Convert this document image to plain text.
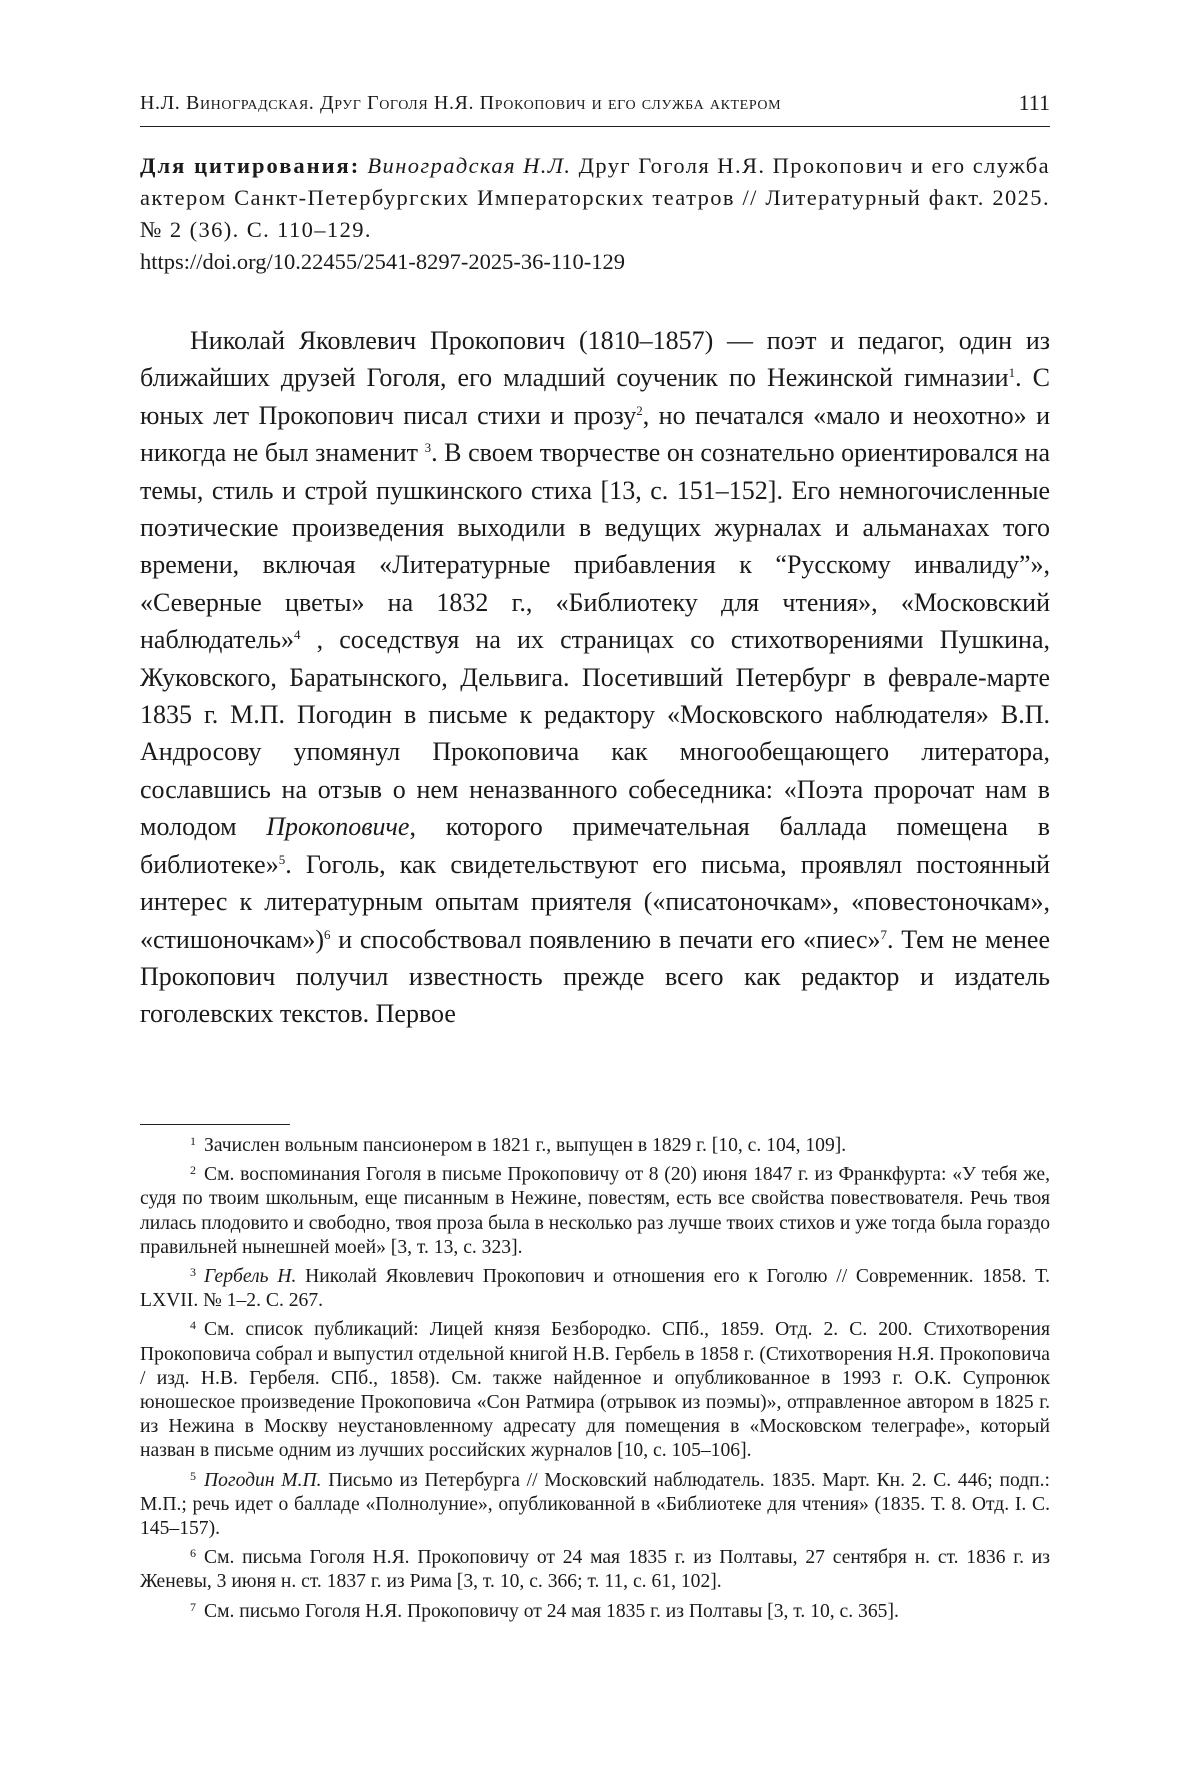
Н.Л. Виноградская. Друг Гоголя Н.Я. Прокопович и его служба актером	111
Для цитирования: Виноградская Н.Л. Друг Гоголя Н.Я. Прокопович и его служба актером Санкт-Петербургских Императорских театров // Литературный факт. 2025. № 2 (36). С. 110–129.
https://doi.org/10.22455/2541-8297-2025-36-110-129

Николай Яковлевич Прокопович (1810–1857) — поэт и педагог, один из ближайших друзей Гоголя, его младший соученик по Нежинской гимназии$^1$. С юных лет Прокопович писал стихи и прозу$^2$, но печатался «мало и неохотно» и никогда не был знаменит $^3$. В своем творчестве он сознательно ориентировался на темы, стиль и строй пушкинского стиха [13, с. 151–152]. Его немногочисленные поэтические произведения выходили в ведущих журналах и альманахах того времени, включая «Литературные прибавления к “Русскому инвалиду”», «Северные цветы» на 1832 г., «Библиотеку для чтения», «Московский наблюдатель»$^4$ , соседствуя на их страницах со стихотворениями Пушкина, Жуковского, Баратынского, Дельвига. Посетивший Петербург в феврале-марте 1835 г. М.П. Погодин в письме к редактору «Московского наблюдателя» В.П. Андросову упомянул Прокоповича как многообещающего литератора, сославшись на отзыв о нем неназванного собеседника: «Поэта пророчат нам в молодом Прокоповиче, которого примечательная баллада помещена в библиотеке»$^5$. Гоголь, как свидетельствуют его письма, проявлял постоянный интерес к литературным опытам приятеля («писатоночкам», «повестоночкам», «стишоночкам»)$^6$ и способствовал появлению в печати его «пиес»$^7$. Тем не менее Прокопович получил известность прежде всего как редактор и издатель гоголевских текстов. Первое

$^1$ Зачислен вольным пансионером в 1821 г., выпущен в 1829 г. [10, с. 104, 109].

$^2$ См. воспоминания Гоголя в письме Прокоповичу от 8 (20) июня 1847 г. из Франкфурта: «У тебя же, судя по твоим школьным, еще писанным в Нежине, повестям, есть все свойства повествователя. Речь твоя лилась плодовито и свободно, твоя проза была в несколько раз лучше твоих стихов и уже тогда была гораздо правильней нынешней моей» [3, т. 13, с. 323].

$^3$ Гербель Н. Николай Яковлевич Прокопович и отношения его к Гоголю // Современник. 1858. Т. LXVII. № 1–2. С. 267.

$^4$ См. список публикаций: Лицей князя Безбородко. СПб., 1859. Отд. 2. С. 200. Стихотворения Прокоповича собрал и выпустил отдельной книгой Н.В. Гербель в 1858 г. (Стихотворения Н.Я. Прокоповича / изд. Н.В. Гербеля. СПб., 1858). См. также найденное и опубликованное в 1993 г. О.К. Супронюк юношеское произведение Прокоповича «Сон Ратмира (отрывок из поэмы)», отправленное автором в 1825 г. из Нежина в Москву неустановленному адресату для помещения в «Московском телеграфе», который назван в письме одним из лучших российских журналов [10, с. 105–106].

$^5$ Погодин М.П. Письмо из Петербурга // Московский наблюдатель. 1835. Март. Кн. 2. С. 446; подп.: М.П.; речь идет о балладе «Полнолуние», опубликованной в «Библиотеке для чтения» (1835. Т. 8. Отд. I. С. 145–157).

$^6$ См. письма Гоголя Н.Я. Прокоповичу от 24 мая 1835 г. из Полтавы, 27 сентября н. ст. 1836 г. из Женевы, 3 июня н. ст. 1837 г. из Рима [3, т. 10, с. 366; т. 11, с. 61, 102].

$^7$ См. письмо Гоголя Н.Я. Прокоповичу от 24 мая 1835 г. из Полтавы [3, т. 10, с. 365].
